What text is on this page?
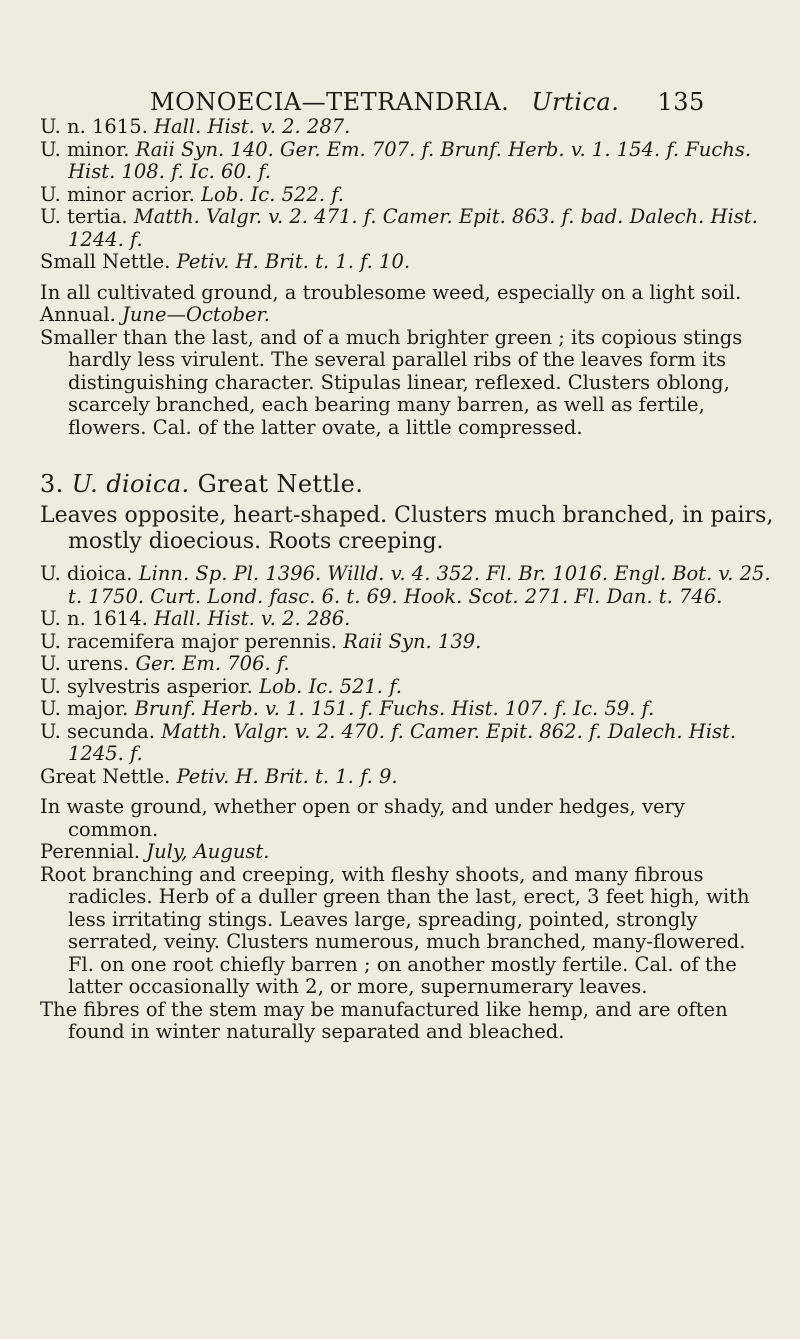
MONOECIA—TETRANDRIA. Urtica. 135

U. n. 1615. Hall. Hist. v. 2. 287.

U. minor. Raii Syn. 140. Ger. Em. 707. f. Brunf. Herb. v. 1. 154. f. Fuchs. Hist. 108. f. Ic. 60. f.

U. minor acrior. Lob. Ic. 522. f.

U. tertia. Matth. Valgr. v. 2. 471. f. Camer. Epit. 863. f. bad. Dalech. Hist. 1244. f.

Small Nettle. Petiv. H. Brit. t. 1. f. 10.

In all cultivated ground, a troublesome weed, especially on a light soil.

Annual. June—October.

Smaller than the last, and of a much brighter green ; its copious stings hardly less virulent. The several parallel ribs of the leaves form its distinguishing character. Stipulas linear, reflexed. Clusters oblong, scarcely branched, each bearing many barren, as well as fertile, flowers. Cal. of the latter ovate, a little compressed.

3. U. dioica. Great Nettle.

Leaves opposite, heart-shaped. Clusters much branched, in pairs, mostly dioecious. Roots creeping.

U. dioica. Linn. Sp. Pl. 1396. Willd. v. 4. 352. Fl. Br. 1016. Engl. Bot. v. 25. t. 1750. Curt. Lond. fasc. 6. t. 69. Hook. Scot. 271. Fl. Dan. t. 746.

U. n. 1614. Hall. Hist. v. 2. 286.

U. racemifera major perennis. Raii Syn. 139.

U. urens. Ger. Em. 706. f.

U. sylvestris asperior. Lob. Ic. 521. f.

U. major. Brunf. Herb. v. 1. 151. f. Fuchs. Hist. 107. f. Ic. 59. f.

U. secunda. Matth. Valgr. v. 2. 470. f. Camer. Epit. 862. f. Dalech. Hist. 1245. f.

Great Nettle. Petiv. H. Brit. t. 1. f. 9.

In waste ground, whether open or shady, and under hedges, very common.

Perennial. July, August.

Root branching and creeping, with fleshy shoots, and many fibrous radicles. Herb of a duller green than the last, erect, 3 feet high, with less irritating stings. Leaves large, spreading, pointed, strongly serrated, veiny. Clusters numerous, much branched, many-flowered. Fl. on one root chiefly barren ; on another mostly fertile. Cal. of the latter occasionally with 2, or more, supernumerary leaves.

The fibres of the stem may be manufactured like hemp, and are often found in winter naturally separated and bleached.
